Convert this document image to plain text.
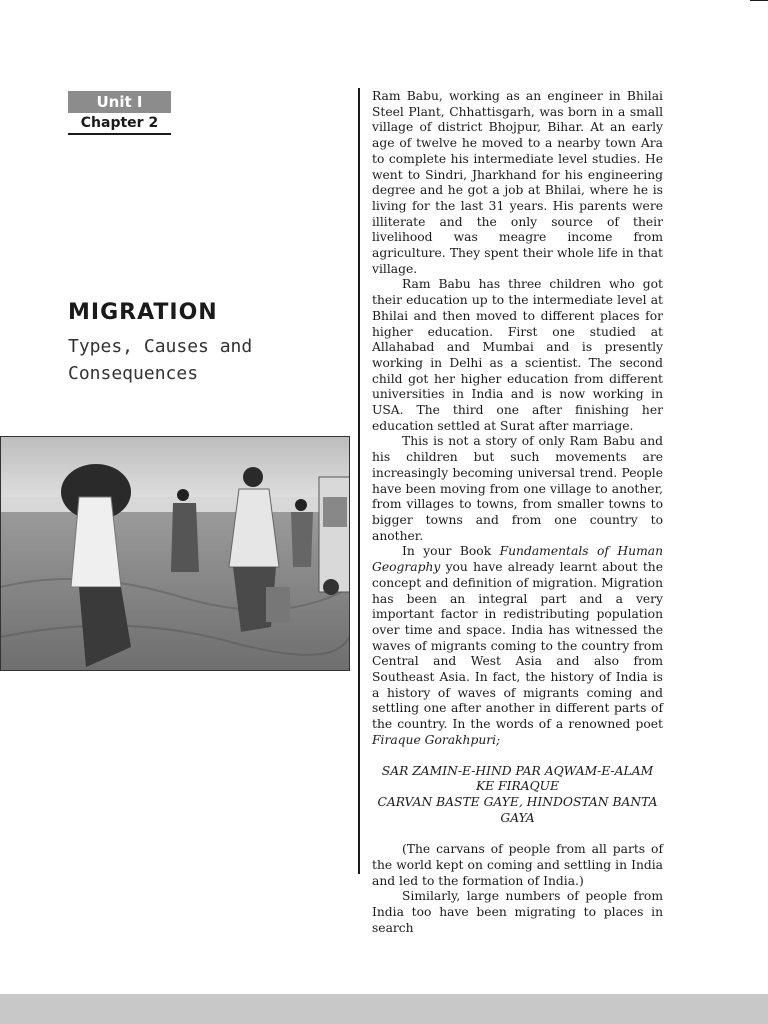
Unit I
Chapter 2
MIGRATION
Types, Causes and Consequences

Ram Babu, working as an engineer in Bhilai Steel Plant, Chhattisgarh, was born in a small village of district Bhojpur, Bihar. At an early age of twelve he moved to a nearby town Ara to complete his intermediate level studies. He went to Sindri, Jharkhand for his engineering degree and he got a job at Bhilai, where he is living for the last 31 years. His parents were illiterate and the only source of their livelihood was meagre income from agriculture. They spent their whole life in that village.

Ram Babu has three children who got their education up to the intermediate level at Bhilai and then moved to different places for higher education. First one studied at Allahabad and Mumbai and is presently working in Delhi as a scientist. The second child got her higher education from different universities in India and is now working in USA. The third one after finishing her education settled at Surat after marriage.

This is not a story of only Ram Babu and his children but such movements are increasingly becoming universal trend. People have been moving from one village to another, from villages to towns, from smaller towns to bigger towns and from one country to another.

In your Book Fundamentals of Human Geography you have already learnt about the concept and definition of migration. Migration has been an integral part and a very important factor in redistributing population over time and space. India has witnessed the waves of migrants coming to the country from Central and West Asia and also from Southeast Asia. In fact, the history of India is a history of waves of migrants coming and settling one after another in different parts of the country. In the words of a renowned poet Firaque Gorakhpuri;

SAR ZAMIN-E-HIND PAR AQWAM-E-ALAM KE FIRAQUE
CARVAN BASTE GAYE, HINDOSTAN BANTA GAYA

(The carvans of people from all parts of the world kept on coming and settling in India and led to the formation of India.)

Similarly, large numbers of people from India too have been migrating to places in search
